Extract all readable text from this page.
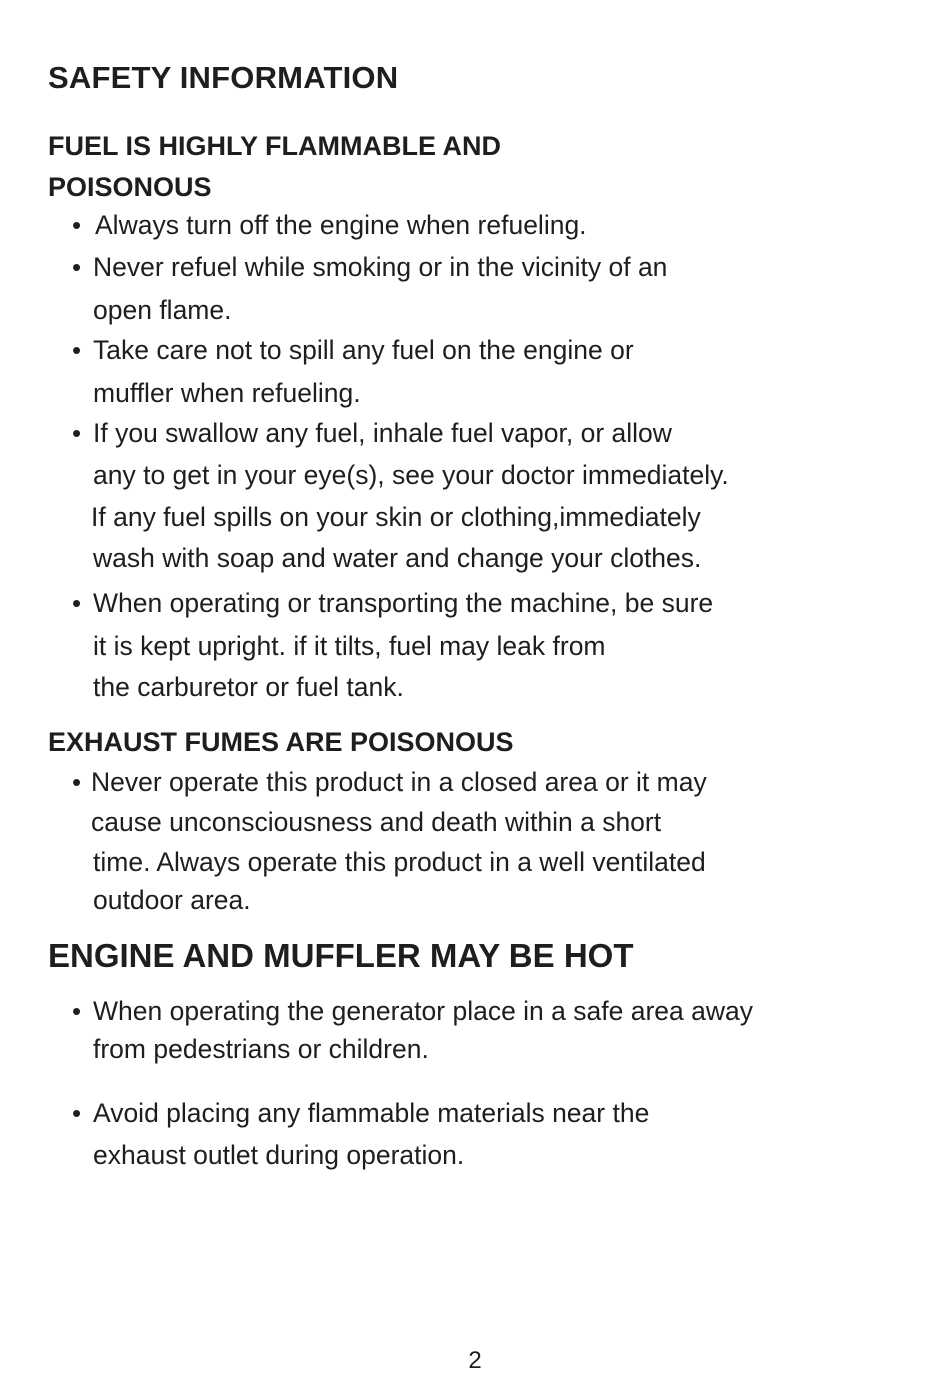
SAFETY INFORMATION
FUEL IS HIGHLY FLAMMABLE AND
POISONOUS
• Always turn off the engine when refueling.
• Never refuel while smoking or in the vicinity of an
open flame.
• Take care not to spill any fuel on the engine or
muffler when refueling.
• If you swallow any fuel, inhale fuel vapor, or allow
any to get in your eye(s), see your doctor immediately.
If any fuel spills on your skin or clothing,immediately
wash with soap and water and change your clothes.
• When operating or transporting the machine, be sure
it is kept upright. if it tilts, fuel may leak from
the carburetor or fuel tank.
EXHAUST FUMES ARE POISONOUS
• Never operate this product in a closed area or it may
cause unconsciousness and death within a short
time. Always operate this product in a well ventilated
outdoor area.
ENGINE AND MUFFLER MAY BE HOT
• When operating the generator place in a safe area away
from pedestrians or children.
• Avoid placing any flammable materials near the
exhaust outlet during operation.
2
